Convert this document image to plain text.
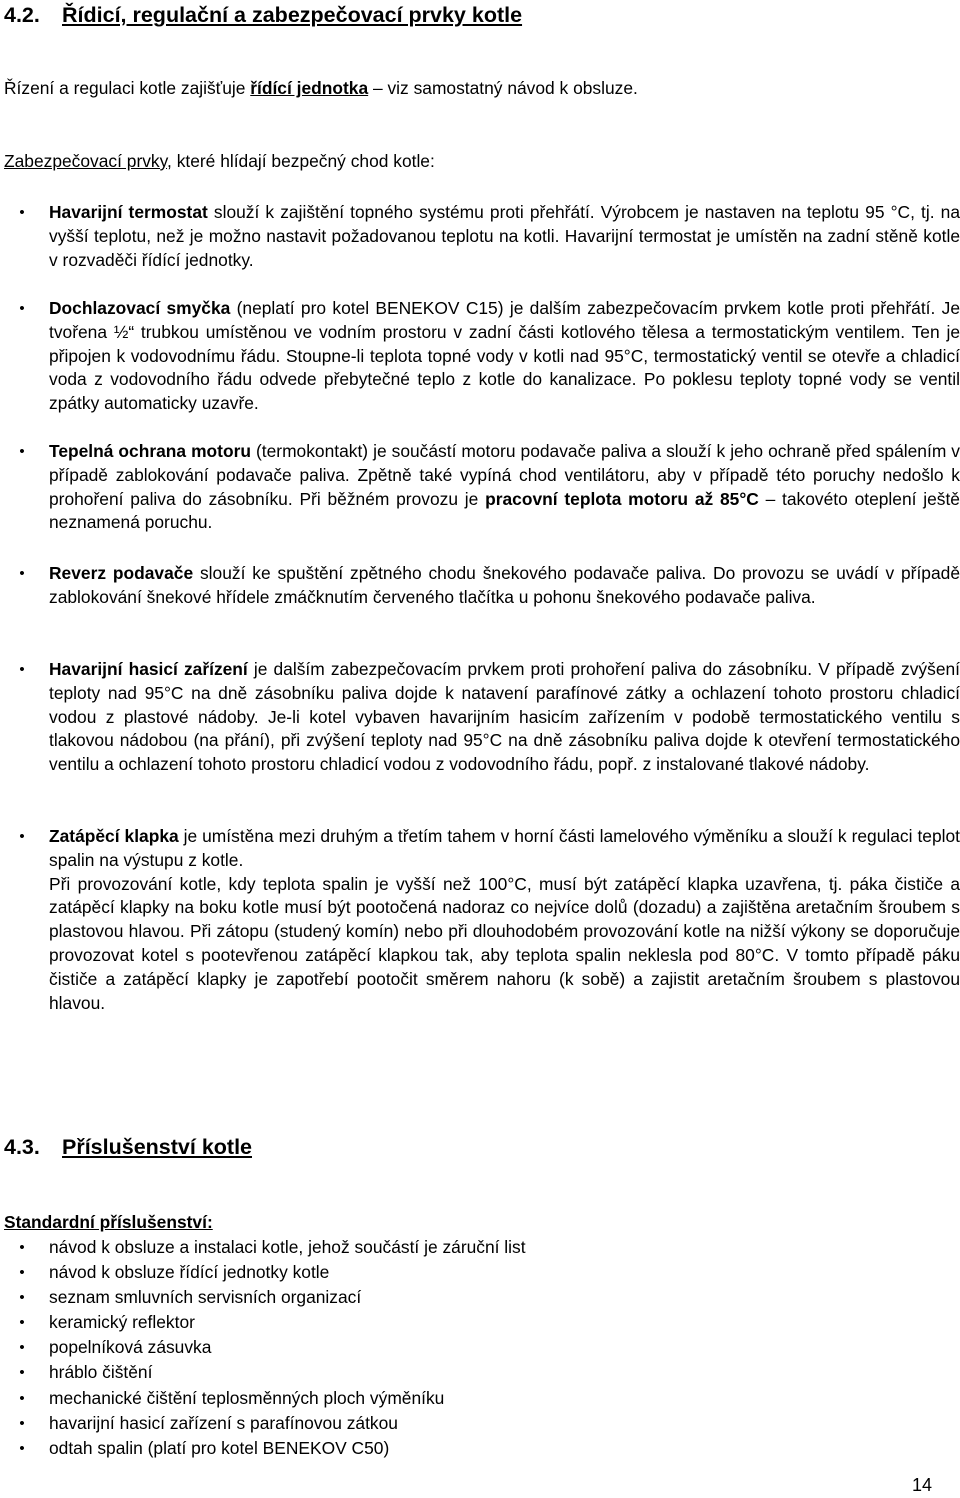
4.2. Řídicí, regulační a zabezpečovací prvky kotle
Řízení a regulaci kotle zajišťuje řídící jednotka – viz samostatný návod k obsluze.
Zabezpečovací prvky, které hlídají bezpečný chod kotle:
•	Havarijní termostat slouží k zajištění topného systému proti přehřátí. Výrobcem je nastaven na teplotu 95 °C, tj. na vyšší teplotu, než je možno nastavit požadovanou teplotu na kotli. Havarijní termostat je umístěn na zadní stěně kotle v rozvaděči řídící jednotky.
•	Dochlazovací smyčka (neplatí pro kotel BENEKOV C15) je dalším zabezpečovacím prvkem kotle proti přehřátí. Je tvořena ½“ trubkou umístěnou ve vodním prostoru v zadní části kotlového tělesa a termostatickým ventilem. Ten je připojen k vodovodnímu řádu. Stoupne-li teplota topné vody v kotli nad 95°C, termostatický ventil se otevře a chladicí voda z vodovodního řádu odvede přebytečné teplo z kotle do kanalizace. Po poklesu teploty topné vody se ventil zpátky automaticky uzavře.
•	Tepelná ochrana motoru (termokontakt) je součástí motoru podavače paliva a slouží k jeho ochraně před spálením v případě zablokování podavače paliva. Zpětně také vypíná chod ventilátoru, aby v případě této poruchy nedošlo k prohoření paliva do zásobníku. Při běžném provozu je pracovní teplota motoru až 85°C – takovéto oteplení ještě neznamená poruchu.
•	Reverz podavače slouží ke spuštění zpětného chodu šnekového podavače paliva. Do provozu se uvádí v případě zablokování šnekové hřídele zmáčknutím červeného tlačítka u pohonu šnekového podavače paliva.
•	Havarijní hasicí zařízení je dalším zabezpečovacím prvkem proti prohoření paliva do zásobníku. V případě zvýšení teploty nad 95°C na dně zásobníku paliva dojde k natavení parafínové zátky a ochlazení tohoto prostoru chladicí vodou z plastové nádoby. Je-li kotel vybaven havarijním hasicím zařízením v podobě termostatického ventilu s tlakovou nádobou (na přání), při zvýšení teploty nad 95°C na dně zásobníku paliva dojde k otevření termostatického ventilu a ochlazení tohoto prostoru chladicí vodou z vodovodního řádu, popř. z instalované tlakové nádoby.
•	Zatápěcí klapka je umístěna mezi druhým a třetím tahem v horní části lamelového výměníku a slouží k regulaci teplot spalin na výstupu z kotle.
Při provozování kotle, kdy teplota spalin je vyšší než 100°C, musí být zatápěcí klapka uzavřena, tj. páka čističe a zatápěcí klapky na boku kotle musí být pootočená nadoraz co nejvíce dolů (dozadu) a zajištěna aretačním šroubem s plastovou hlavou. Při zátopu (studený komín) nebo při dlouhodobém provozování kotle na nižší výkony se doporučuje provozovat kotel s pootevřenou zatápěcí klapkou tak, aby teplota spalin neklesla pod 80°C. V tomto případě páku čističe a zatápěcí klapky je zapotřebí pootočit směrem nahoru (k sobě) a zajistit aretačním šroubem s plastovou hlavou.
4.3. Příslušenství kotle
Standardní příslušenství:
•	návod k obsluze a instalaci kotle, jehož součástí je záruční list
•	návod k obsluze řídící jednotky kotle
•	seznam smluvních servisních organizací
•	keramický reflektor
•	popelníková zásuvka
•	hráblo čištění
•	mechanické čištění teplosměnných ploch výměníku
•	havarijní hasicí zařízení s parafínovou zátkou
•	odtah spalin (platí pro kotel BENEKOV C50)
14
